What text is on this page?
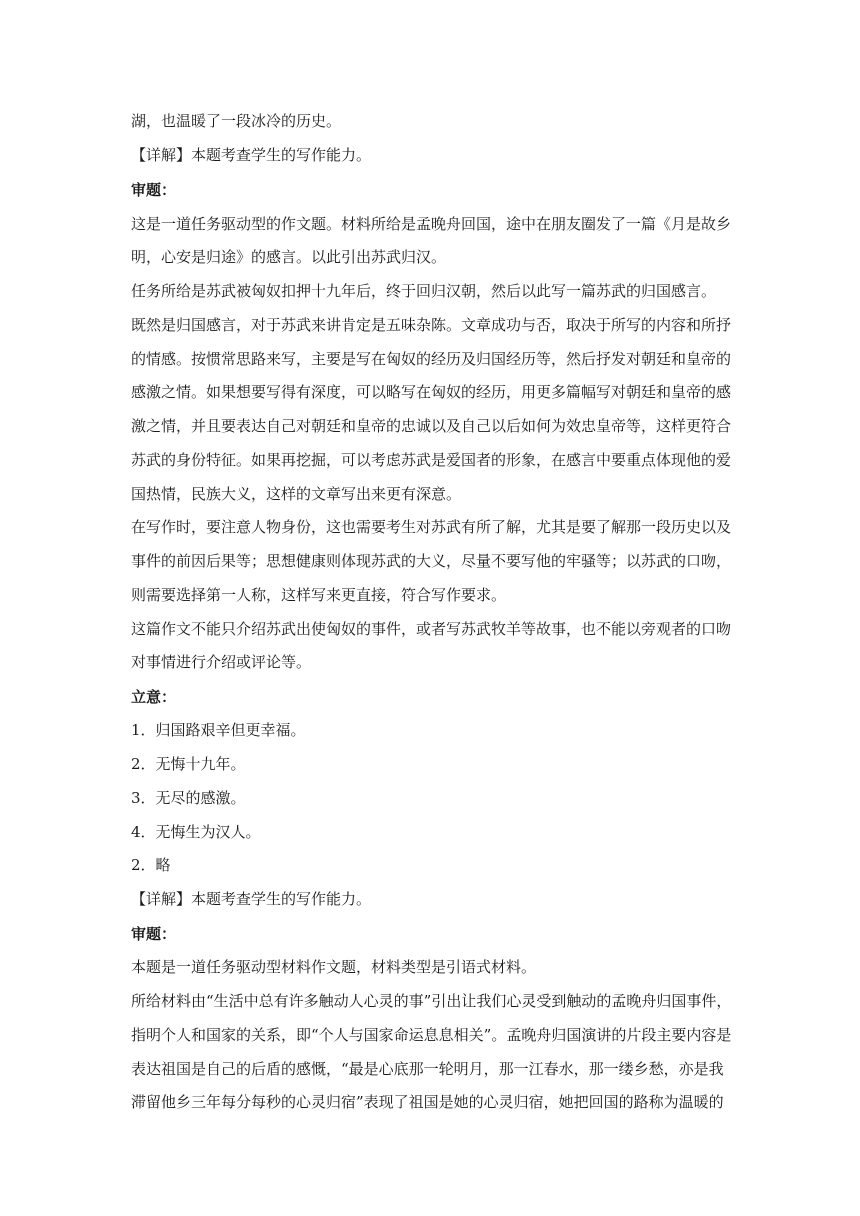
湖，也温暖了一段冰冷的历史。
【详解】本题考查学生的写作能力。
审题：
这是一道任务驱动型的作文题。材料所给是孟晚舟回国，途中在朋友圈发了一篇《月是故乡
明，心安是归途》的感言。以此引出苏武归汉。
任务所给是苏武被匈奴扣押十九年后，终于回归汉朝，然后以此写一篇苏武的归国感言。
既然是归国感言，对于苏武来讲肯定是五味杂陈。文章成功与否，取决于所写的内容和所抒
的情感。按惯常思路来写，主要是写在匈奴的经历及归国经历等，然后抒发对朝廷和皇帝的
感激之情。如果想要写得有深度，可以略写在匈奴的经历，用更多篇幅写对朝廷和皇帝的感
激之情，并且要表达自己对朝廷和皇帝的忠诚以及自己以后如何为效忠皇帝等，这样更符合
苏武的身份特征。如果再挖掘，可以考虑苏武是爱国者的形象，在感言中要重点体现他的爱
国热情，民族大义，这样的文章写出来更有深意。
在写作时，要注意人物身份，这也需要考生对苏武有所了解，尤其是要了解那一段历史以及
事件的前因后果等；思想健康则体现苏武的大义，尽量不要写他的牢骚等；以苏武的口吻，
则需要选择第一人称，这样写来更直接，符合写作要求。
这篇作文不能只介绍苏武出使匈奴的事件，或者写苏武牧羊等故事，也不能以旁观者的口吻
对事情进行介绍或评论等。
立意：
1．归国路艰辛但更幸福。
2．无悔十九年。
3．无尽的感激。
4．无悔生为汉人。
2．略
【详解】本题考查学生的写作能力。
审题：
本题是一道任务驱动型材料作文题，材料类型是引语式材料。
所给材料由“生活中总有许多触动人心灵的事”引出让我们心灵受到触动的孟晚舟归国事件，
指明个人和国家的关系，即“个人与国家命运息息相关”。孟晚舟归国演讲的片段主要内容是
表达祖国是自己的后盾的感慨，“最是心底那一轮明月，那一江春水，那一缕乡愁，亦是我
滞留他乡三年每分每秒的心灵归宿”表现了祖国是她的心灵归宿，她把回国的路称为温暖的
